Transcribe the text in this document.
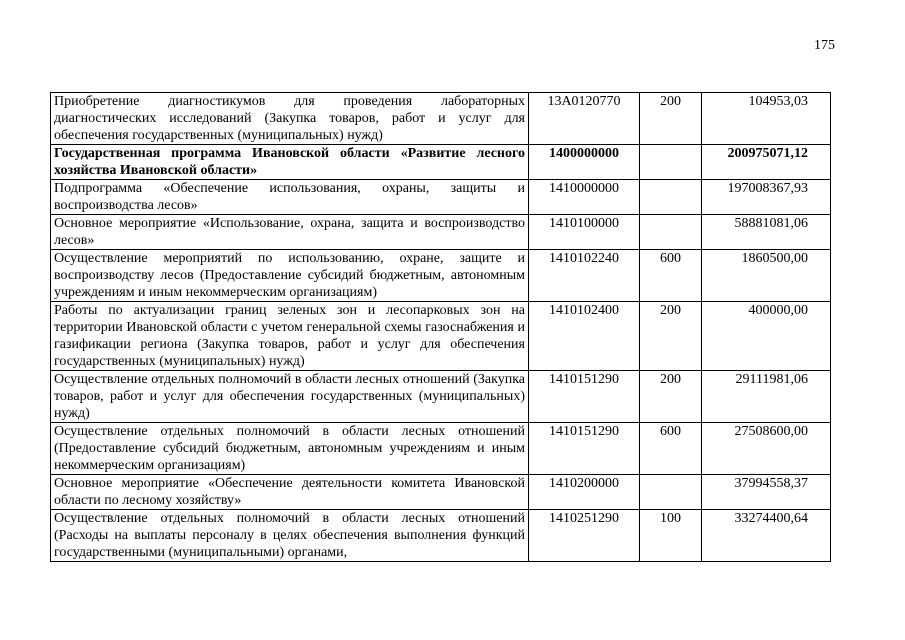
175
Приобретение диагностикумов для проведения лабораторных диагностических исследований (Закупка товаров, работ и услуг для обеспечения государственных (муниципальных) нужд)	13А0120770	200	104953,03
Государственная программа Ивановской области «Развитие лесного хозяйства Ивановской области»	1400000000		200975071,12
Подпрограмма «Обеспечение использования, охраны, защиты и воспроизводства лесов»	1410000000		197008367,93
Основное мероприятие «Использование, охрана, защита и воспроизводство лесов»	1410100000		58881081,06
Осуществление мероприятий по использованию, охране, защите и воспроизводству лесов (Предоставление субсидий бюджетным, автономным учреждениям и иным некоммерческим организациям)	1410102240	600	1860500,00
Работы по актуализации границ зеленых зон и лесопарковых зон на территории Ивановской области с учетом генеральной схемы газоснабжения и газификации региона (Закупка товаров, работ и услуг для обеспечения государственных (муниципальных) нужд)	1410102400	200	400000,00
Осуществление отдельных полномочий в области лесных отношений (Закупка товаров, работ и услуг для обеспечения государственных (муниципальных) нужд)	1410151290	200	29111981,06
Осуществление отдельных полномочий в области лесных отношений (Предоставление субсидий бюджетным, автономным учреждениям и иным некоммерческим организациям)	1410151290	600	27508600,00
Основное мероприятие «Обеспечение деятельности комитета Ивановской области по лесному хозяйству»	1410200000		37994558,37
Осуществление отдельных полномочий в области лесных отношений (Расходы на выплаты персоналу в целях обеспечения выполнения функций государственными (муниципальными) органами,	1410251290	100	33274400,64
